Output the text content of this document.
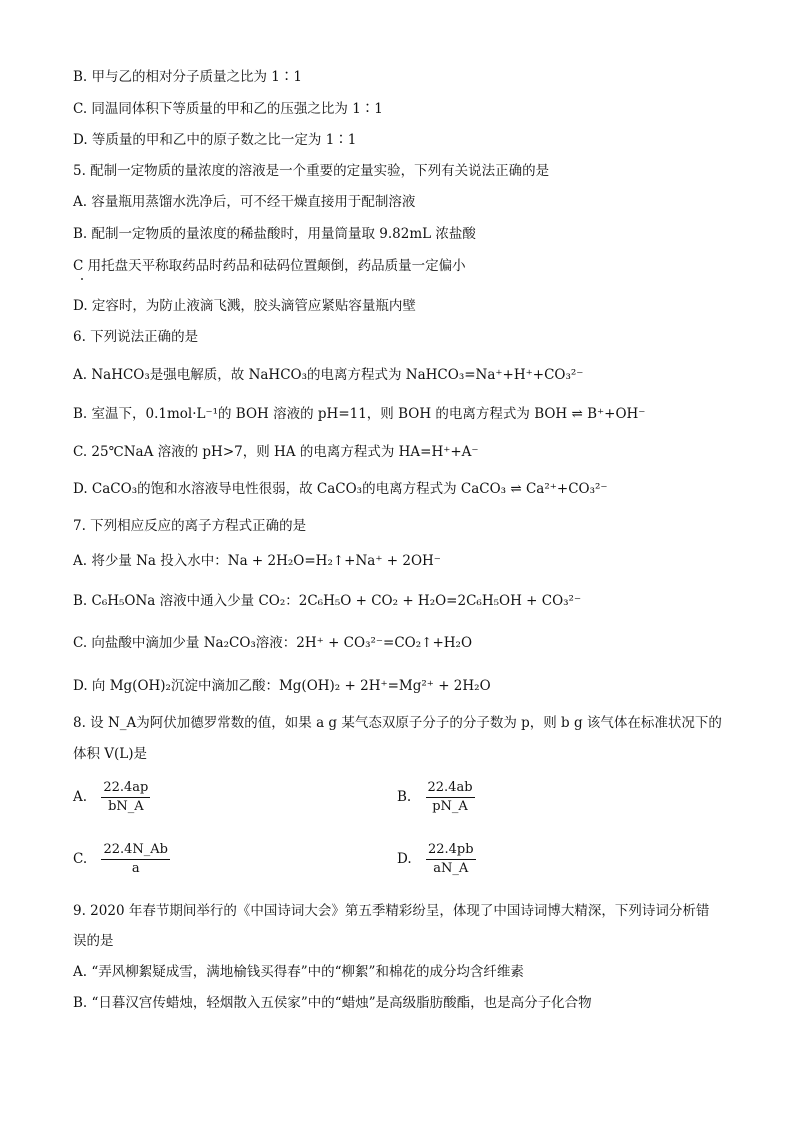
B. 甲与乙的相对分子质量之比为 1∶1
C. 同温同体积下等质量的甲和乙的压强之比为 1∶1
D. 等质量的甲和乙中的原子数之比一定为 1∶1
5. 配制一定物质的量浓度的溶液是一个重要的定量实验，下列有关说法正确的是
A. 容量瓶用蒸馏水洗净后，可不经干燥直接用于配制溶液
B. 配制一定物质的量浓度的稀盐酸时，用量筒量取 9.82mL 浓盐酸
C 用托盘天平称取药品时药品和砝码位置颠倒，药品质量一定偏小
D. 定容时，为防止液滴飞溅，胶头滴管应紧贴容量瓶内壁
6. 下列说法正确的是
A. NaHCO₃是强电解质，故 NaHCO₃的电离方程式为 NaHCO₃=Na⁺+H⁺+CO₃²⁻
B. 室温下，0.1mol·L⁻¹的 BOH 溶液的 pH=11，则 BOH 的电离方程式为 BOH ⇌ B⁺+OH⁻
C. 25℃NaA 溶液的 pH>7，则 HA 的电离方程式为 HA=H⁺+A⁻
D. CaCO₃的饱和水溶液导电性很弱，故 CaCO₃的电离方程式为 CaCO₃ ⇌ Ca²⁺+CO₃²⁻
7. 下列相应反应的离子方程式正确的是
A. 将少量 Na 投入水中：Na + 2H₂O=H₂↑+Na⁺ + 2OH⁻
B. C₆H₅ONa 溶液中通入少量 CO₂：2C₆H₅O + CO₂ + H₂O=2C₆H₅OH + CO₃²⁻
C. 向盐酸中滴加少量 Na₂CO₃溶液：2H⁺ + CO₃²⁻=CO₂↑+H₂O
D. 向 Mg(OH)₂沉淀中滴加乙酸：Mg(OH)₂ + 2H⁺=Mg²⁺ + 2H₂O
8. 设 N_A为阿伏加德罗常数的值，如果 a g 某气态双原子分子的分子数为 p，则 b g 该气体在标准状况下的
体积 V(L)是
A. $\frac{22.4ap}{bN\_A}$	B. $\frac{22.4ab}{pN\_A}$
C. $\frac{22.4N\_Ab}{a}$	D. $\frac{22.4pb}{aN\_A}$
9. 2020 年春节期间举行的《中国诗词大会》第五季精彩纷呈，体现了中国诗词博大精深，下列诗词分析错
误的是
A. “弄风柳絮疑成雪，满地榆钱买得春”中的“柳絮”和棉花的成分均含纤维素
B. “日暮汉宫传蜡烛，轻烟散入五侯家”中的“蜡烛”是高级脂肪酸酯，也是高分子化合物
